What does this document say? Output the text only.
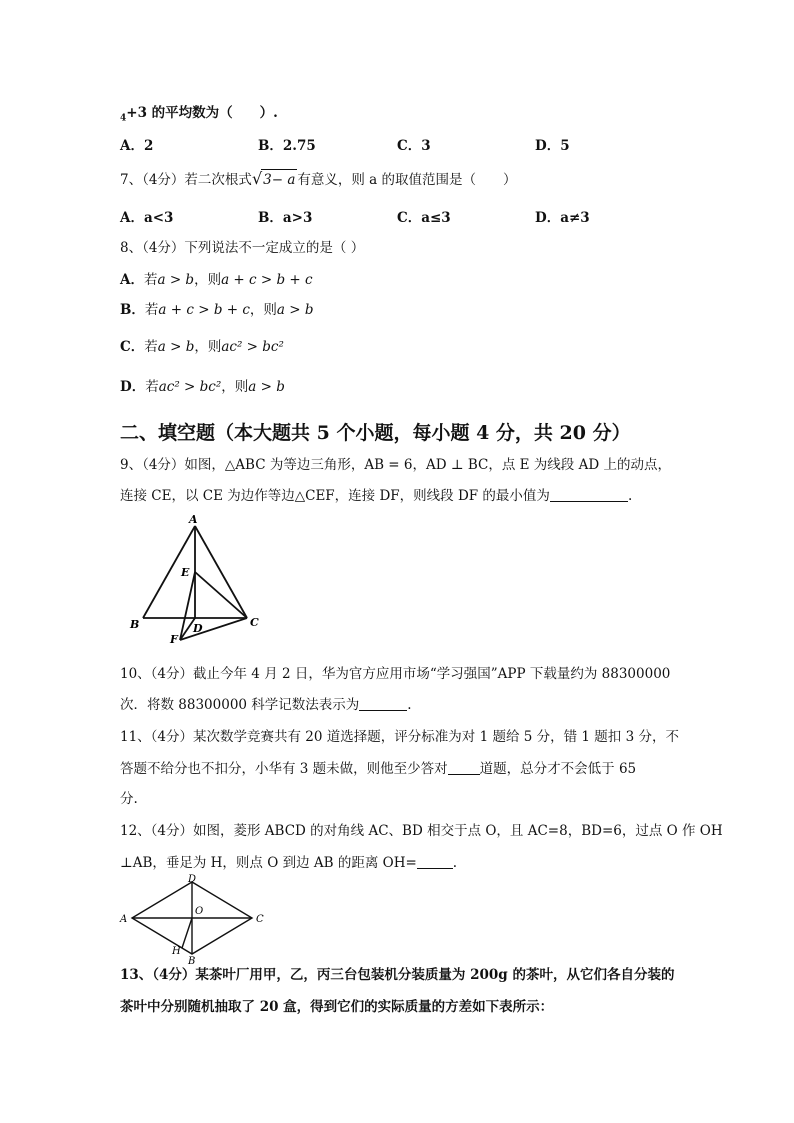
$_4$+3 的平均数为（　　）.
A．2	B．2.75	C．3	D．5
7、（4分）若二次根式√3− a 有意义，则 a 的取值范围是（　　）
A．a<3	B．a>3	C．a≤3	D．a≠3
8、（4分）下列说法不一定成立的是（ ）
A．若a > b，则a + c > b + c
B．若a + c > b + c，则a > b
C．若a > b，则ac² > bc²
D．若ac² > bc²，则a > b
二、填空题（本大题共 5 个小题，每小题 4 分，共 20 分）
9、（4分）如图，△ABC 为等边三角形，AB = 6，AD ⊥ BC，点 E 为线段 AD 上的动点，
连接 CE，以 CE 为边作等边△CEF，连接 DF，则线段 DF 的最小值为	.
A
E
B	D	C
F
10、（4分）截止今年 4 月 2 日，华为官方应用市场“学习强国”APP 下载量约为 88300000
次．将数 88300000 科学记数法表示为	.
11、（4分）某次数学竞赛共有 20 道选择题，评分标准为对 1 题给 5 分，错 1 题扣 3 分，不
答题不给分也不扣分，小华有 3 题未做，则他至少答对 道题，总分才不会低于 65
分.
12、（4分）如图，菱形 ABCD 的对角线 AC、BD 相交于点 O，且 AC=8，BD=6，过点 O 作 OH
⊥AB，垂足为 H，则点 O 到边 AB 的距离 OH=	.
D
A
O
C
H
B
13、（4分）某茶叶厂用甲，乙，丙三台包装机分装质量为 200g 的茶叶，从它们各自分装的
茶叶中分别随机抽取了 20 盒，得到它们的实际质量的方差如下表所示：
